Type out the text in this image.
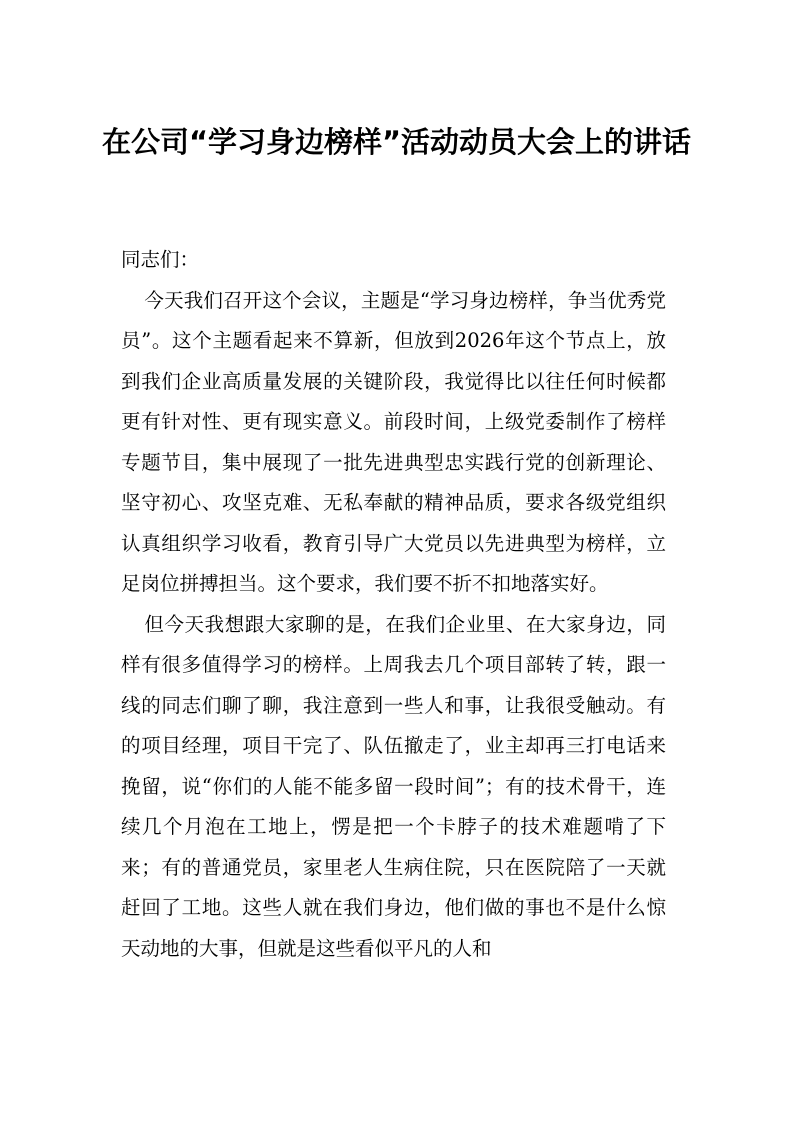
在公司“学习身边榜样”活动动员大会上的讲话

同志们：

今天我们召开这个会议，主题是“学习身边榜样，争当优秀党员”。这个主题看起来不算新，但放到2026年这个节点上，放到我们企业高质量发展的关键阶段，我觉得比以往任何时候都更有针对性、更有现实意义。前段时间，上级党委制作了榜样专题节目，集中展现了一批先进典型忠实践行党的创新理论、坚守初心、攻坚克难、无私奉献的精神品质，要求各级党组织认真组织学习收看，教育引导广大党员以先进典型为榜样，立足岗位拼搏担当。这个要求，我们要不折不扣地落实好。

但今天我想跟大家聊的是，在我们企业里、在大家身边，同样有很多值得学习的榜样。上周我去几个项目部转了转，跟一线的同志们聊了聊，我注意到一些人和事，让我很受触动。有的项目经理，项目干完了、队伍撤走了，业主却再三打电话来挽留，说“你们的人能不能多留一段时间”；有的技术骨干，连续几个月泡在工地上，愣是把一个卡脖子的技术难题啃了下来；有的普通党员，家里老人生病住院，只在医院陪了一天就赶回了工地。这些人就在我们身边，他们做的事也不是什么惊天动地的大事，但就是这些看似平凡的人和
